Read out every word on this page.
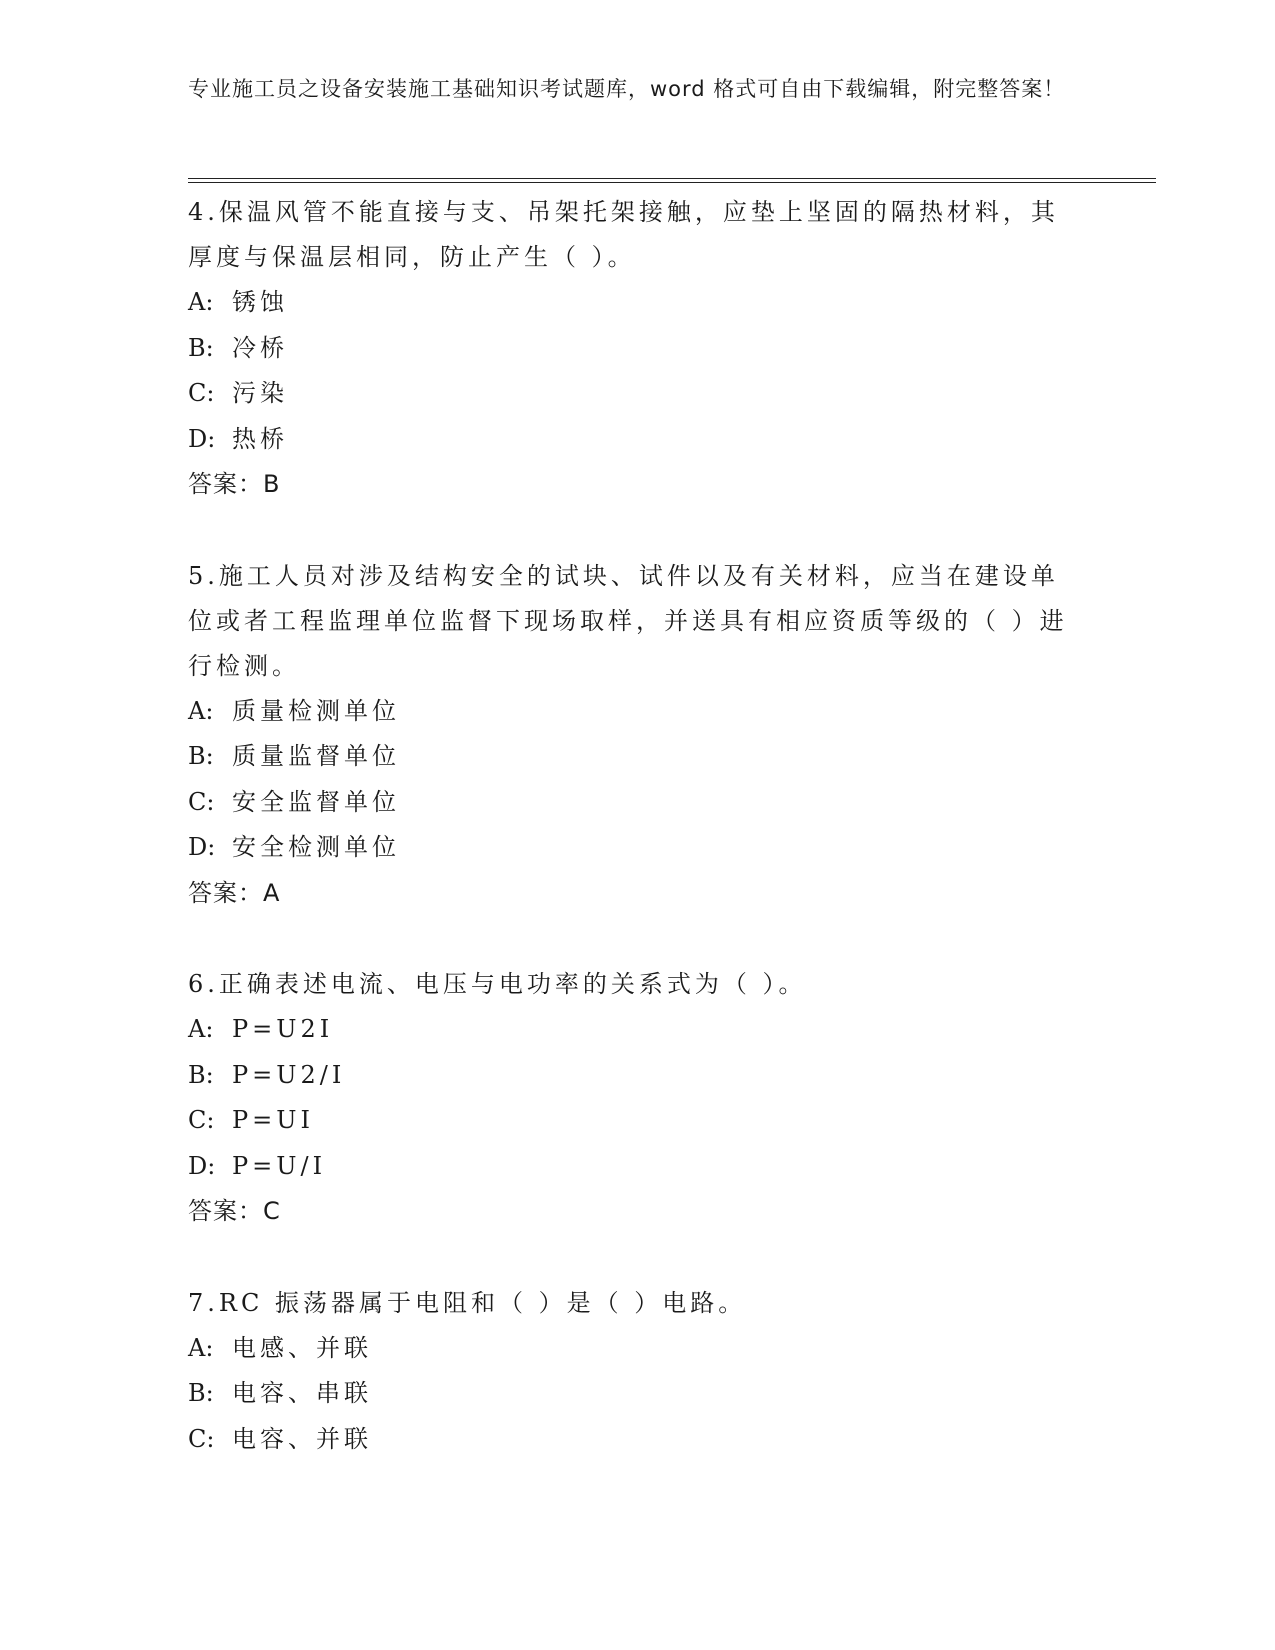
专业施工员之设备安装施工基础知识考试题库，word 格式可自由下载编辑，附完整答案！

4.保温风管不能直接与支、吊架托架接触，应垫上坚固的隔热材料，其厚度与保温层相同，防止产生（ ）。

A: 锈蚀

B: 冷桥

C: 污染

D: 热桥

答案：B

5.施工人员对涉及结构安全的试块、试件以及有关材料，应当在建设单位或者工程监理单位监督下现场取样，并送具有相应资质等级的（ ）进行检测。

A: 质量检测单位

B: 质量监督单位

C: 安全监督单位

D: 安全检测单位

答案：A

6.正确表述电流、电压与电功率的关系式为（ ）。

A: P=U2I

B: P=U2/I

C: P=UI

D: P=U/I

答案：C

7.RC 振荡器属于电阻和（ ）是（ ）电路。

A: 电感、并联

B: 电容、串联

C: 电容、并联
